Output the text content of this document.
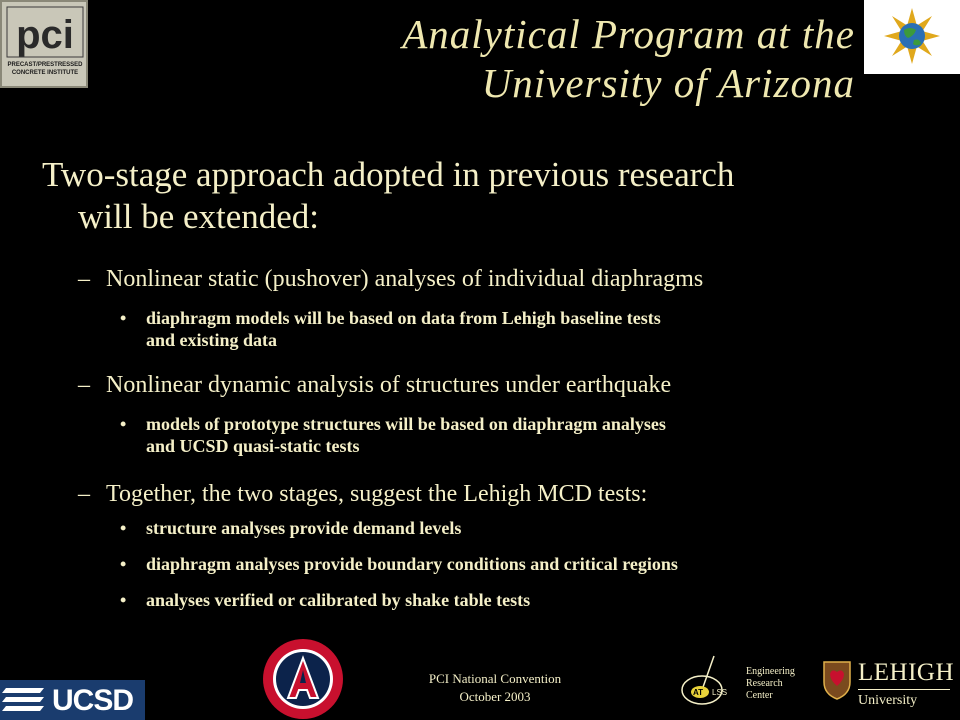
pci
PRECAST/PRESTRESSED
CONCRETE INSTITUTE
Analytical Program at the
University of Arizona
Two-stage approach adopted in previous research
will be extended:
– Nonlinear static (pushover) analyses of individual diaphragms
•	diaphragm models will be based on data from Lehigh baseline tests
and existing data
– Nonlinear dynamic analysis of structures under earthquake
•	models of prototype structures will be based on diaphragm analyses
and UCSD quasi-static tests
– Together, the two stages, suggest the Lehigh MCD tests:
•	structure analyses provide demand levels
•	diaphragm analyses provide boundary conditions and critical regions
•	analyses verified or calibrated by shake table tests
UCSD
PCI National Convention
October 2003	AT LSS
Engineering
Research
Center
LEHIGH
University
